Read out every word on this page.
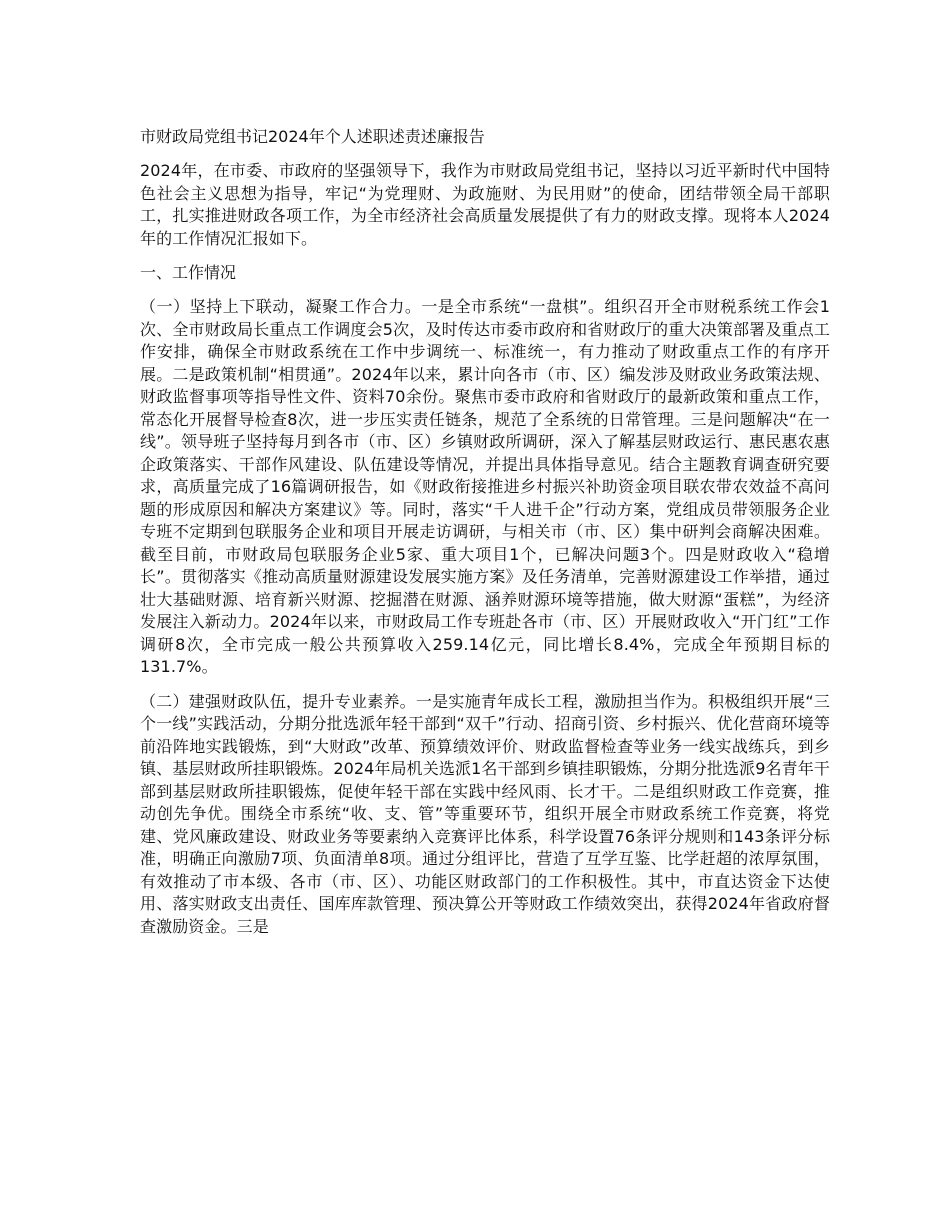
市财政局党组书记2024年个人述职述责述廉报告

2024年，在市委、市政府的坚强领导下，我作为市财政局党组书记，坚持以习近平新时代中国特色社会主义思想为指导，牢记“为党理财、为政施财、为民用财”的使命，团结带领全局干部职工，扎实推进财政各项工作，为全市经济社会高质量发展提供了有力的财政支撑。现将本人2024年的工作情况汇报如下。

一、工作情况

（一）坚持上下联动，凝聚工作合力。一是全市系统“一盘棋”。组织召开全市财税系统工作会1次、全市财政局长重点工作调度会5次，及时传达市委市政府和省财政厅的重大决策部署及重点工作安排，确保全市财政系统在工作中步调统一、标准统一，有力推动了财政重点工作的有序开展。二是政策机制“相贯通”。2024年以来，累计向各市（市、区）编发涉及财政业务政策法规、财政监督事项等指导性文件、资料70余份。聚焦市委市政府和省财政厅的最新政策和重点工作，常态化开展督导检查8次，进一步压实责任链条，规范了全系统的日常管理。三是问题解决“在一线”。领导班子坚持每月到各市（市、区）乡镇财政所调研，深入了解基层财政运行、惠民惠农惠企政策落实、干部作风建设、队伍建设等情况，并提出具体指导意见。结合主题教育调查研究要求，高质量完成了16篇调研报告，如《财政衔接推进乡村振兴补助资金项目联农带农效益不高问题的形成原因和解决方案建议》等。同时，落实“千人进千企”行动方案，党组成员带领服务企业专班不定期到包联服务企业和项目开展走访调研，与相关市（市、区）集中研判会商解决困难。截至目前，市财政局包联服务企业5家、重大项目1个，已解决问题3个。四是财政收入“稳增长”。贯彻落实《推动高质量财源建设发展实施方案》及任务清单，完善财源建设工作举措，通过壮大基础财源、培育新兴财源、挖掘潜在财源、涵养财源环境等措施，做大财源“蛋糕”，为经济发展注入新动力。2024年以来，市财政局工作专班赴各市（市、区）开展财政收入“开门红”工作调研8次，全市完成一般公共预算收入259.14亿元，同比增长8.4%，完成全年预期目标的131.7%。

（二）建强财政队伍，提升专业素养。一是实施青年成长工程，激励担当作为。积极组织开展“三个一线”实践活动，分期分批选派年轻干部到“双千”行动、招商引资、乡村振兴、优化营商环境等前沿阵地实践锻炼，到“大财政”改革、预算绩效评价、财政监督检查等业务一线实战练兵，到乡镇、基层财政所挂职锻炼。2024年局机关选派1名干部到乡镇挂职锻炼，分期分批选派9名青年干部到基层财政所挂职锻炼，促使年轻干部在实践中经风雨、长才干。二是组织财政工作竞赛，推动创先争优。围绕全市系统“收、支、管”等重要环节，组织开展全市财政系统工作竞赛，将党建、党风廉政建设、财政业务等要素纳入竞赛评比体系，科学设置76条评分规则和143条评分标准，明确正向激励7项、负面清单8项。通过分组评比，营造了互学互鉴、比学赶超的浓厚氛围，有效推动了市本级、各市（市、区）、功能区财政部门的工作积极性。其中，市直达资金下达使用、落实财政支出责任、国库库款管理、预决算公开等财政工作绩效突出，获得2024年省政府督查激励资金。三是
